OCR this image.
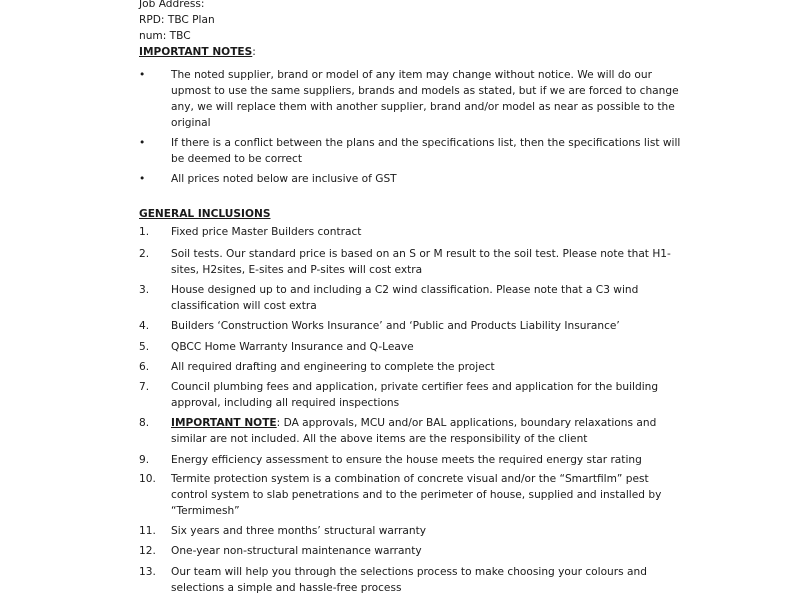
Job Address:
RPD: TBC Plan
num: TBC
IMPORTANT NOTES:
•	The noted supplier, brand or model of any item may change without notice. We will do our upmost to use the same suppliers, brands and models as stated, but if we are forced to change any, we will replace them with another supplier, brand and/or model as near as possible to the original
•	If there is a conflict between the plans and the specifications list, then the specifications list will be deemed to be correct
•	All prices noted below are inclusive of GST
GENERAL INCLUSIONS
1.	Fixed price Master Builders contract
2.	Soil tests. Our standard price is based on an S or M result to the soil test. Please note that H1-sites, H2sites, E-sites and P-sites will cost extra
3.	House designed up to and including a C2 wind classification. Please note that a C3 wind classification will cost extra
4.	Builders ‘Construction Works Insurance’ and ‘Public and Products Liability Insurance’
5.	QBCC Home Warranty Insurance and Q-Leave
6.	All required drafting and engineering to complete the project
7.	Council plumbing fees and application, private certifier fees and application for the building approval, including all required inspections
8.	IMPORTANT NOTE: DA approvals, MCU and/or BAL applications, boundary relaxations and similar are not included. All the above items are the responsibility of the client
9.	Energy efficiency assessment to ensure the house meets the required energy star rating
10.	Termite protection system is a combination of concrete visual and/or the “Smartfilm” pest control system to slab penetrations and to the perimeter of house, supplied and installed by “Termimesh”
11.	Six years and three months’ structural warranty
12.	One-year non-structural maintenance warranty
13.	Our team will help you through the selections process to make choosing your colours and selections a simple and hassle-free process
